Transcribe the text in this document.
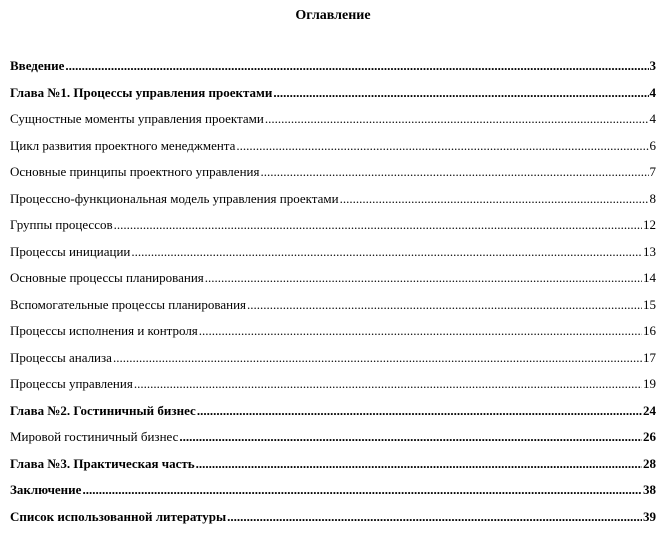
Оглавление
Введение .....	3
Глава №1. Процессы управления проектами .....	4
Сущностные моменты управления проектами .....	4
Цикл развития проектного менеджмента .....	6
Основные принципы проектного управления .....	7
Процессно-функциональная модель управления проектами .....	8
Группы процессов .....	12
Процессы инициации .....	13
Основные процессы планирования .....	14
Вспомогательные процессы планирования .....	15
Процессы исполнения и контроля .....	16
Процессы анализа .....	17
Процессы управления .....	19
Глава №2. Гостиничный бизнес .....	24
Мировой гостиничный бизнес .....	26
Глава №3. Практическая часть .....	28
Заключение .....	38
Список использованной литературы .....	39
